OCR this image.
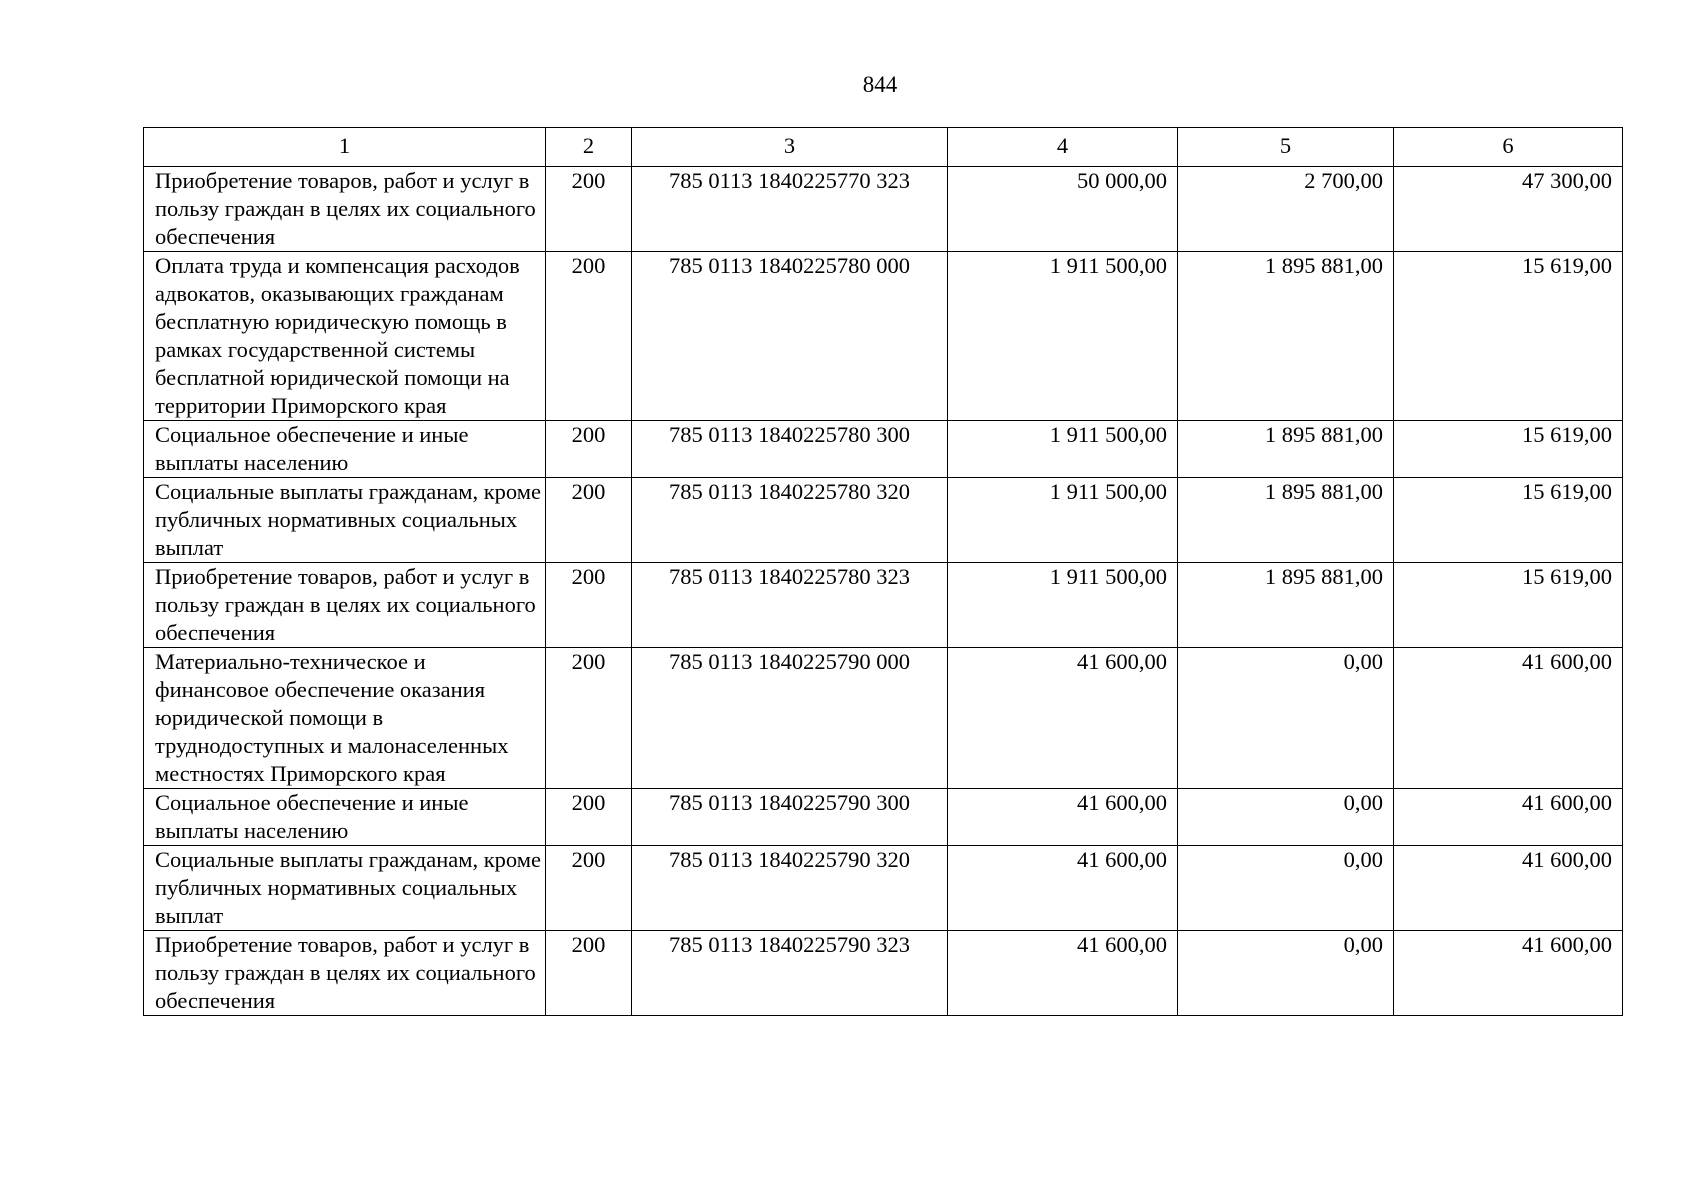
844
1	2	3	4	5	6
Приобретение товаров, работ и услуг в пользу граждан в целях их социального обеспечения	200	785 0113 1840225770 323	50 000,00	2 700,00	47 300,00
Оплата труда и компенсация расходов адвокатов, оказывающих гражданам бесплатную юридическую помощь в рамках государственной системы бесплатной юридической помощи на территории Приморского края	200	785 0113 1840225780 000	1 911 500,00	1 895 881,00	15 619,00
Социальное обеспечение и иные выплаты населению	200	785 0113 1840225780 300	1 911 500,00	1 895 881,00	15 619,00
Социальные выплаты гражданам, кроме публичных нормативных социальных выплат	200	785 0113 1840225780 320	1 911 500,00	1 895 881,00	15 619,00
Приобретение товаров, работ и услуг в пользу граждан в целях их социального обеспечения	200	785 0113 1840225780 323	1 911 500,00	1 895 881,00	15 619,00
Материально-техническое и финансовое обеспечение оказания юридической помощи в труднодоступных и малонаселенных местностях Приморского края	200	785 0113 1840225790 000	41 600,00	0,00	41 600,00
Социальное обеспечение и иные выплаты населению	200	785 0113 1840225790 300	41 600,00	0,00	41 600,00
Социальные выплаты гражданам, кроме публичных нормативных социальных выплат	200	785 0113 1840225790 320	41 600,00	0,00	41 600,00
Приобретение товаров, работ и услуг в пользу граждан в целях их социального обеспечения	200	785 0113 1840225790 323	41 600,00	0,00	41 600,00
